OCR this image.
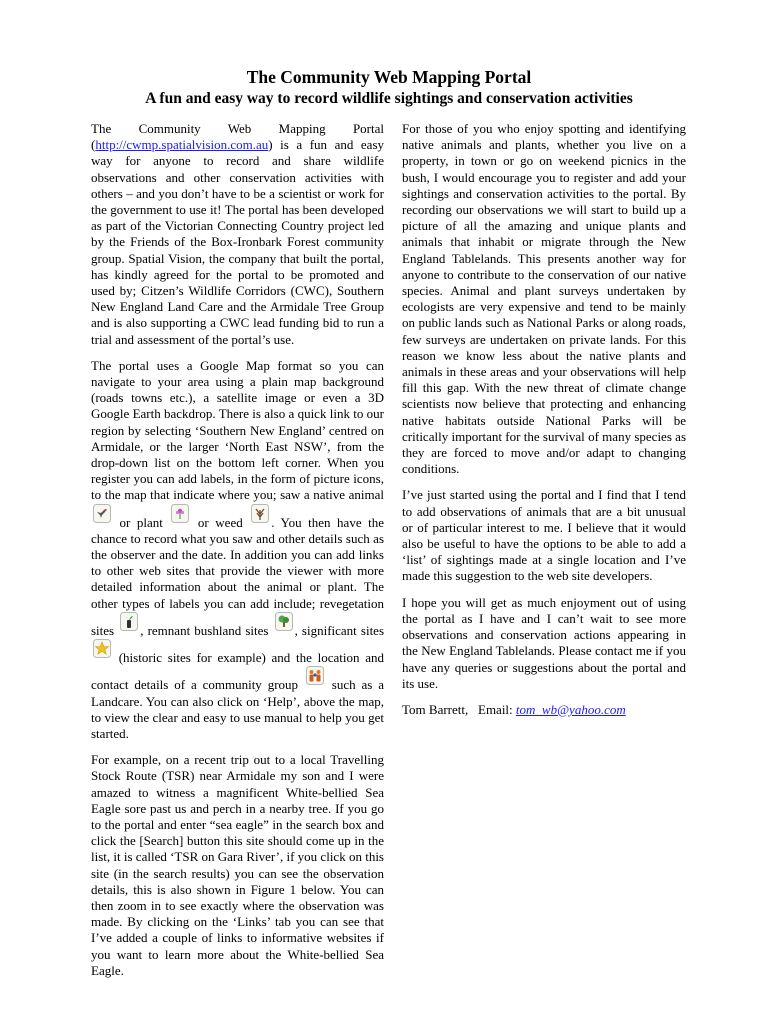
The Community Web Mapping Portal
A fun and easy way to record wildlife sightings and conservation activities

The Community Web Mapping Portal (http://cwmp.spatialvision.com.au) is a fun and easy way for anyone to record and share wildlife observations and other conservation activities with others – and you don’t have to be a scientist or work for the government to use it! The portal has been developed as part of the Victorian Connecting Country project led by the Friends of the Box-Ironbark Forest community group. Spatial Vision, the company that built the portal, has kindly agreed for the portal to be promoted and used by; Citzen’s Wildlife Corridors (CWC), Southern New England Land Care and the Armidale Tree Group and is also supporting a CWC lead funding bid to run a trial and assessment of the portal’s use.

The portal uses a Google Map format so you can navigate to your area using a plain map background (roads towns etc.), a satellite image or even a 3D Google Earth backdrop. There is also a quick link to our region by selecting ‘Southern New England’ centred on Armidale, or the larger ‘North East NSW’, from the drop-down list on the bottom left corner. When you register you can add labels, in the form of picture icons, to the map that indicate where you; saw a native animal
or plant
or weed . You then have the chance to record what you saw and other details such as the observer and the date. In addition you can add links to other web sites that provide the viewer with more detailed information about the animal or plant. The other types of labels you can add include; revegetation sites , remnant bushland sites , significant sites
(historic sites for example) and the location and contact details of a community group
such as a Landcare. You can also click on ‘Help’, above the map, to view the clear and easy to use manual to help you get started.

For example, on a recent trip out to a local Travelling Stock Route (TSR) near Armidale my son and I were amazed to witness a magnificent White-bellied Sea Eagle sore past us and perch in a nearby tree. If you go to the portal and enter “sea eagle” in the search box and click the [Search] button this site should come up in the list, it is called ‘TSR on Gara River’, if you click on this site (in the search results) you can see the observation details, this is also shown in Figure 1 below. You can then zoom in to see exactly where the observation was made. By clicking on the ‘Links’ tab you can see that I’ve added a couple of links to informative websites if you want to learn more about the White-bellied Sea Eagle.

For those of you who enjoy spotting and identifying native animals and plants, whether you live on a property, in town or go on weekend picnics in the bush, I would encourage you to register and add your sightings and conservation activities to the portal. By recording our observations we will start to build up a picture of all the amazing and unique plants and animals that inhabit or migrate through the New England Tablelands. This presents another way for anyone to contribute to the conservation of our native species. Animal and plant surveys undertaken by ecologists are very expensive and tend to be mainly on public lands such as National Parks or along roads, few surveys are undertaken on private lands. For this reason we know less about the native plants and animals in these areas and your observations will help fill this gap. With the new threat of climate change scientists now believe that protecting and enhancing native habitats outside National Parks will be critically important for the survival of many species as they are forced to move and/or adapt to changing conditions.

I’ve just started using the portal and I find that I tend to add observations of animals that are a bit unusual or of particular interest to me. I believe that it would also be useful to have the options to be able to add a ‘list’ of sightings made at a single location and I’ve made this suggestion to the web site developers.

I hope you will get as much enjoyment out of using the portal as I have and I can’t wait to see more observations and conservation actions appearing in the New England Tablelands. Please contact me if you have any queries or suggestions about the portal and its use.

Tom Barrett, Email: tom_wb@yahoo.com
